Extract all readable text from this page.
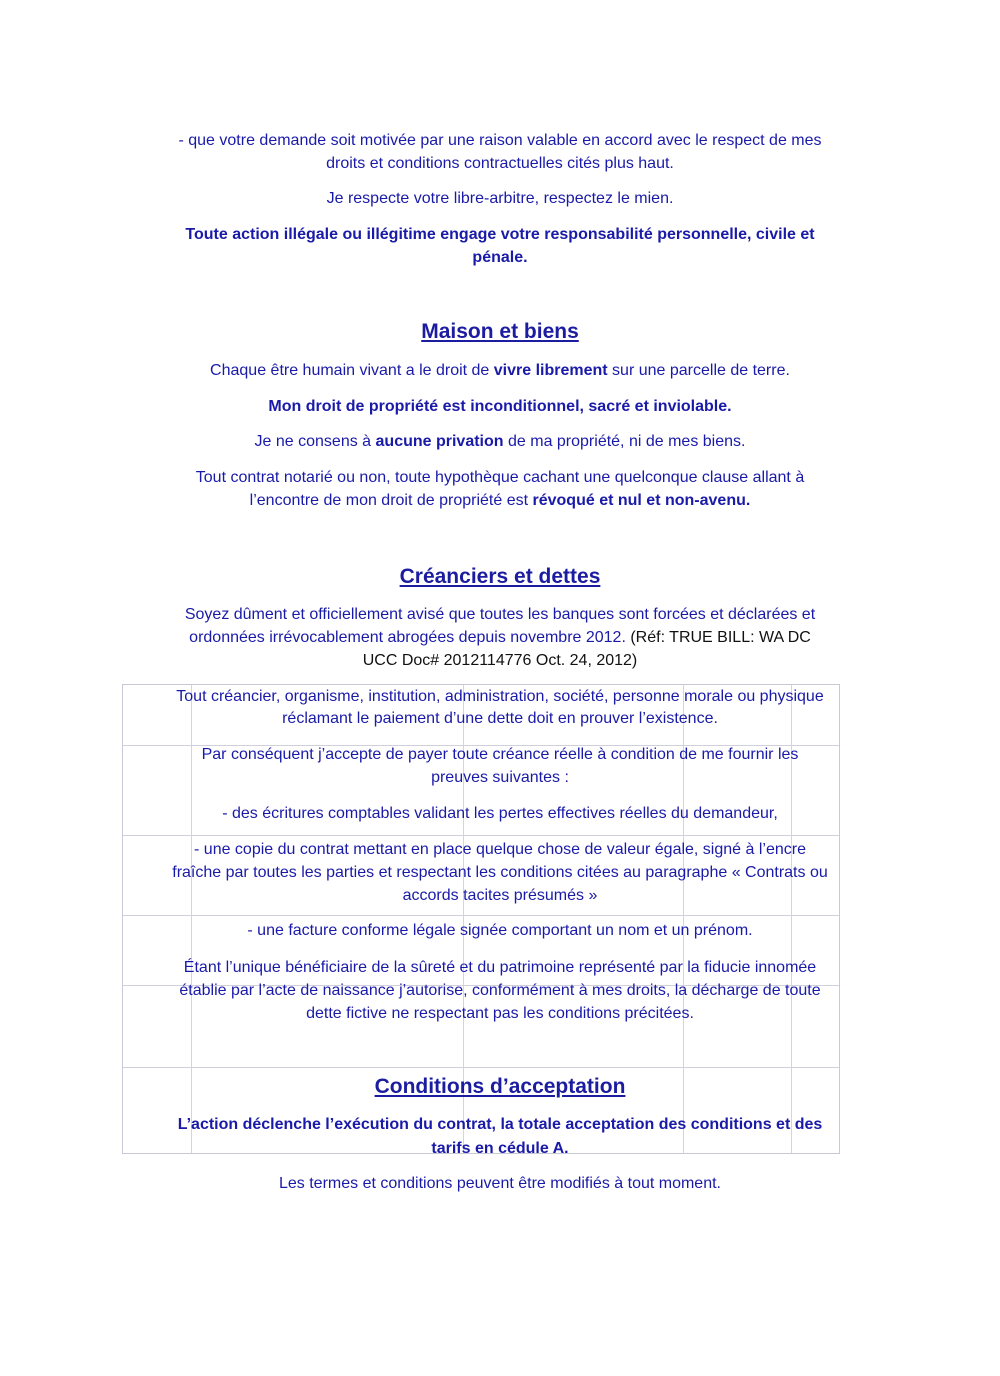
- que votre demande soit motivée par une raison valable en accord avec le respect de mes
droits et conditions contractuelles cités plus haut.
Je respecte votre libre-arbitre, respectez le mien.
Toute action illégale ou illégitime engage votre responsabilité personnelle, civile et
pénale.
Maison et biens
Chaque être humain vivant a le droit de vivre librement sur une parcelle de terre.
Mon droit de propriété est inconditionnel, sacré et inviolable.
Je ne consens à aucune privation de ma propriété, ni de mes biens.
Tout contrat notarié ou non, toute hypothèque cachant une quelconque clause allant à
l’encontre de mon droit de propriété est révoqué et nul et non-avenu.
Créanciers et dettes
Soyez dûment et officiellement avisé que toutes les banques sont forcées et déclarées et
ordonnées irrévocablement abrogées depuis novembre 2012. (Réf: TRUE BILL: WA DC
UCC Doc# 2012114776 Oct. 24, 2012)
Tout créancier, organisme, institution, administration, société, personne morale ou physique
réclamant le paiement d’une dette doit en prouver l’existence.
Par conséquent j’accepte de payer toute créance réelle à condition de me fournir les
preuves suivantes :
- des écritures comptables validant les pertes effectives réelles du demandeur,
- une copie du contrat mettant en place quelque chose de valeur égale, signé à l’encre
fraîche par toutes les parties et respectant les conditions citées au paragraphe « Contrats ou
accords tacites présumés »
- une facture conforme légale signée comportant un nom et un prénom.
Étant l’unique bénéficiaire de la sûreté et du patrimoine représenté par la fiducie innomée
établie par l’acte de naissance j’autorise, conformément à mes droits, la décharge de toute
dette fictive ne respectant pas les conditions précitées.
Conditions d’acceptation
L’action déclenche l’exécution du contrat, la totale acceptation des conditions et des
tarifs en cédule A.
Les termes et conditions peuvent être modifiés à tout moment.
